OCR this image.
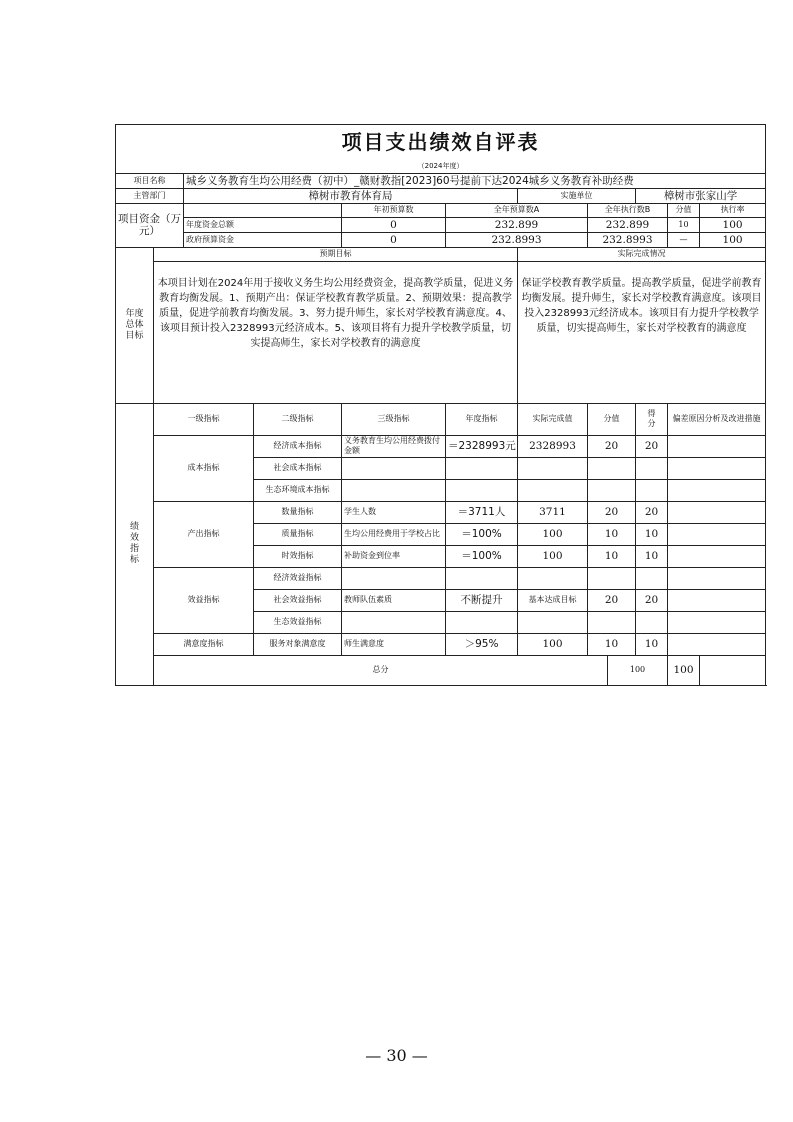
项目支出绩效自评表												
（2024年度）												
项目名称		城乡义务教育生均公用经费（初中）_赣财教指[2023]60号提前下达2024城乡义务教育补助经费										
主管部门		樟树市教育体育局				实施单位			樟树市张家山学			
项目资金（万元）				年初预算数	全年预算数A		全年执行数B			分值	执行率	
		年度资金总额		0	232.899		232.899			10	100	
		政府预算资金		0	232.8993		232.8993			—	100	
年度总体目标	预期目标					实际完成情况						
	本项目计划在2024年用于接收义务生均公用经费资金，提高教学质量，促进义务教育均衡发展。1、预期产出：保证学校教育教学质量。2、预期效果：提高教学质量，促进学前教育均衡发展。3、努力提升师生，家长对学校教育满意度。4、该项目预计投入2328993元经济成本。5、该项目将有力提升学校教学质量，切实提高师生，家长对学校教育的满意度					保证学校教育教学质量。提高教学质量，促进学前教育均衡发展。提升师生，家长对学校教育满意度。该项目投入2328993元经济成本。该项目有力提升学校教学质量，切实提高师生，家长对学校教育的满意度						
绩效指标	一级指标		二级指标	三级指标	年度指标	实际完成值	分值		得分	偏差原因分析及改进措施		
	成本指标		经济成本指标	义务教育生均公用经费拨付金额	＝2328993元	2328993	20		20			
			社会成本指标									
			生态环境成本指标									
	产出指标		数量指标	学生人数	＝3711人	3711	20		20			
			质量指标	生均公用经费用于学校占比	＝100%	100	10		10			
			时效指标	补助资金到位率	＝100%	100	10		10			
	效益指标		经济效益指标									
			社会效益指标	教师队伍素质	不断提升	基本达成目标	20		20			
			生态效益指标									
	满意度指标		服务对象满意度	师生满意度	＞95%	100	10		10			
	总分							100		100		
— 30 —
